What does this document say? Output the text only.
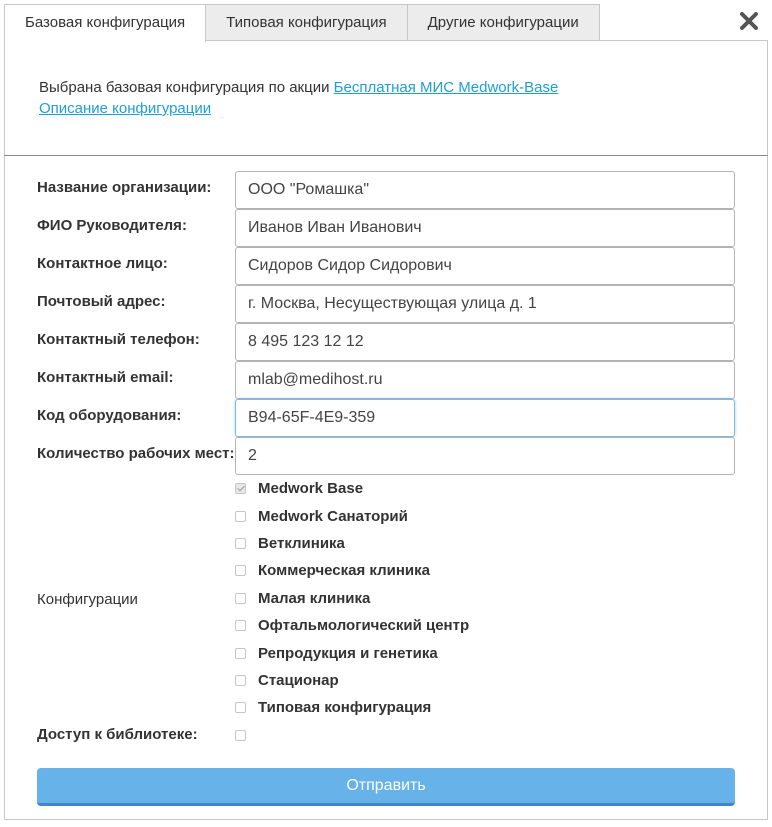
Базовая конфигурация	Типовая конфигурация	Другие конфигурации
Выбрана базовая конфигурация по акции Бесплатная МИС Medwork-Base
Описание конфигурации
Название организации:
ООО "Ромашка"
ФИО Руководителя:
Иванов Иван Иванович
Контактное лицо:
Сидоров Сидор Сидорович
Почтовый адрес:
г. Москва, Несуществующая улица д. 1
Контактный телефон:
8 495 123 12 12
Контактный email:
mlab@medihost.ru
Код оборудования:
B94-65F-4E9-359
Количество рабочих мест:
2
Конфигурации
Medwork Base
Medwork Санаторий
Ветклиника
Коммерческая клиника
Малая клиника
Офтальмологический центр
Репродукция и генетика
Стационар
Типовая конфигурация
Доступ к библиотеке:
Отправить
